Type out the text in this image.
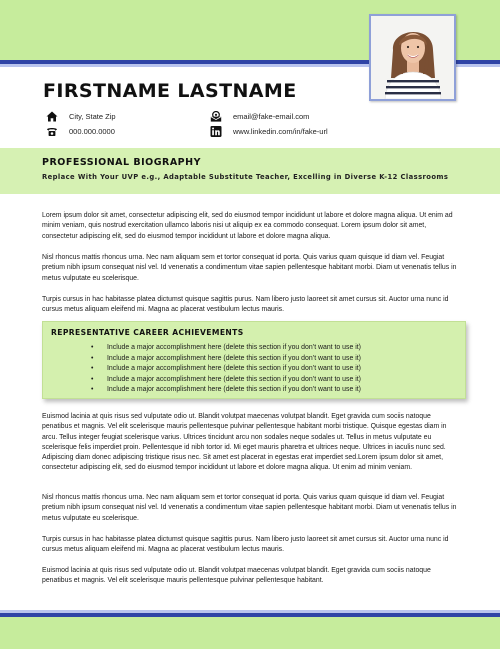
FIRSTNAME LASTNAME
City, State Zip
000.000.0000
email@fake-email.com
www.linkedin.com/in/fake-url
PROFESSIONAL BIOGRAPHY
Replace With Your UVP e.g., Adaptable Substitute Teacher, Excelling in Diverse K-12 Classrooms

Lorem ipsum dolor sit amet, consectetur adipiscing elit, sed do eiusmod tempor incididunt ut labore et dolore magna aliqua. Ut enim ad minim veniam, quis nostrud exercitation ullamco laboris nisi ut aliquip ex ea commodo consequat. Lorem ipsum dolor sit amet, consectetur adipiscing elit, sed do eiusmod tempor incididunt ut labore et dolore magna aliqua.

Nisl rhoncus mattis rhoncus urna. Nec nam aliquam sem et tortor consequat id porta. Quis varius quam quisque id diam vel. Feugiat pretium nibh ipsum consequat nisl vel. Id venenatis a condimentum vitae sapien pellentesque habitant morbi. Diam ut venenatis tellus in metus vulputate eu scelerisque.

Turpis cursus in hac habitasse platea dictumst quisque sagittis purus. Nam libero justo laoreet sit amet cursus sit. Auctor urna nunc id cursus metus aliquam eleifend mi. Magna ac placerat vestibulum lectus mauris.

REPRESENTATIVE CAREER ACHIEVEMENTS
• Include a major accomplishment here (delete this section if you don’t want to use it)
• Include a major accomplishment here (delete this section if you don’t want to use it)
• Include a major accomplishment here (delete this section if you don’t want to use it)
• Include a major accomplishment here (delete this section if you don’t want to use it)
• Include a major accomplishment here (delete this section if you don’t want to use it)

Euismod lacinia at quis risus sed vulputate odio ut. Blandit volutpat maecenas volutpat blandit. Eget gravida cum sociis natoque penatibus et magnis. Vel elit scelerisque mauris pellentesque pulvinar pellentesque habitant morbi tristique. Quisque egestas diam in arcu. Tellus integer feugiat scelerisque varius. Ultrices tincidunt arcu non sodales neque sodales ut. Tellus in metus vulputate eu scelerisque felis imperdiet proin. Pellentesque id nibh tortor id. Mi eget mauris pharetra et ultrices neque. Ultrices in iaculis nunc sed. Adipiscing diam donec adipiscing tristique risus nec. Sit amet est placerat in egestas erat imperdiet sed.Lorem ipsum dolor sit amet, consectetur adipiscing elit, sed do eiusmod tempor incididunt ut labore et dolore magna aliqua. Ut enim ad minim veniam.

Nisl rhoncus mattis rhoncus urna. Nec nam aliquam sem et tortor consequat id porta. Quis varius quam quisque id diam vel. Feugiat pretium nibh ipsum consequat nisl vel. Id venenatis a condimentum vitae sapien pellentesque habitant morbi. Diam ut venenatis tellus in metus vulputate eu scelerisque.

Turpis cursus in hac habitasse platea dictumst quisque sagittis purus. Nam libero justo laoreet sit amet cursus sit. Auctor urna nunc id cursus metus aliquam eleifend mi. Magna ac placerat vestibulum lectus mauris.

Euismod lacinia at quis risus sed vulputate odio ut. Blandit volutpat maecenas volutpat blandit. Eget gravida cum sociis natoque penatibus et magnis. Vel elit scelerisque mauris pellentesque pulvinar pellentesque habitant.
